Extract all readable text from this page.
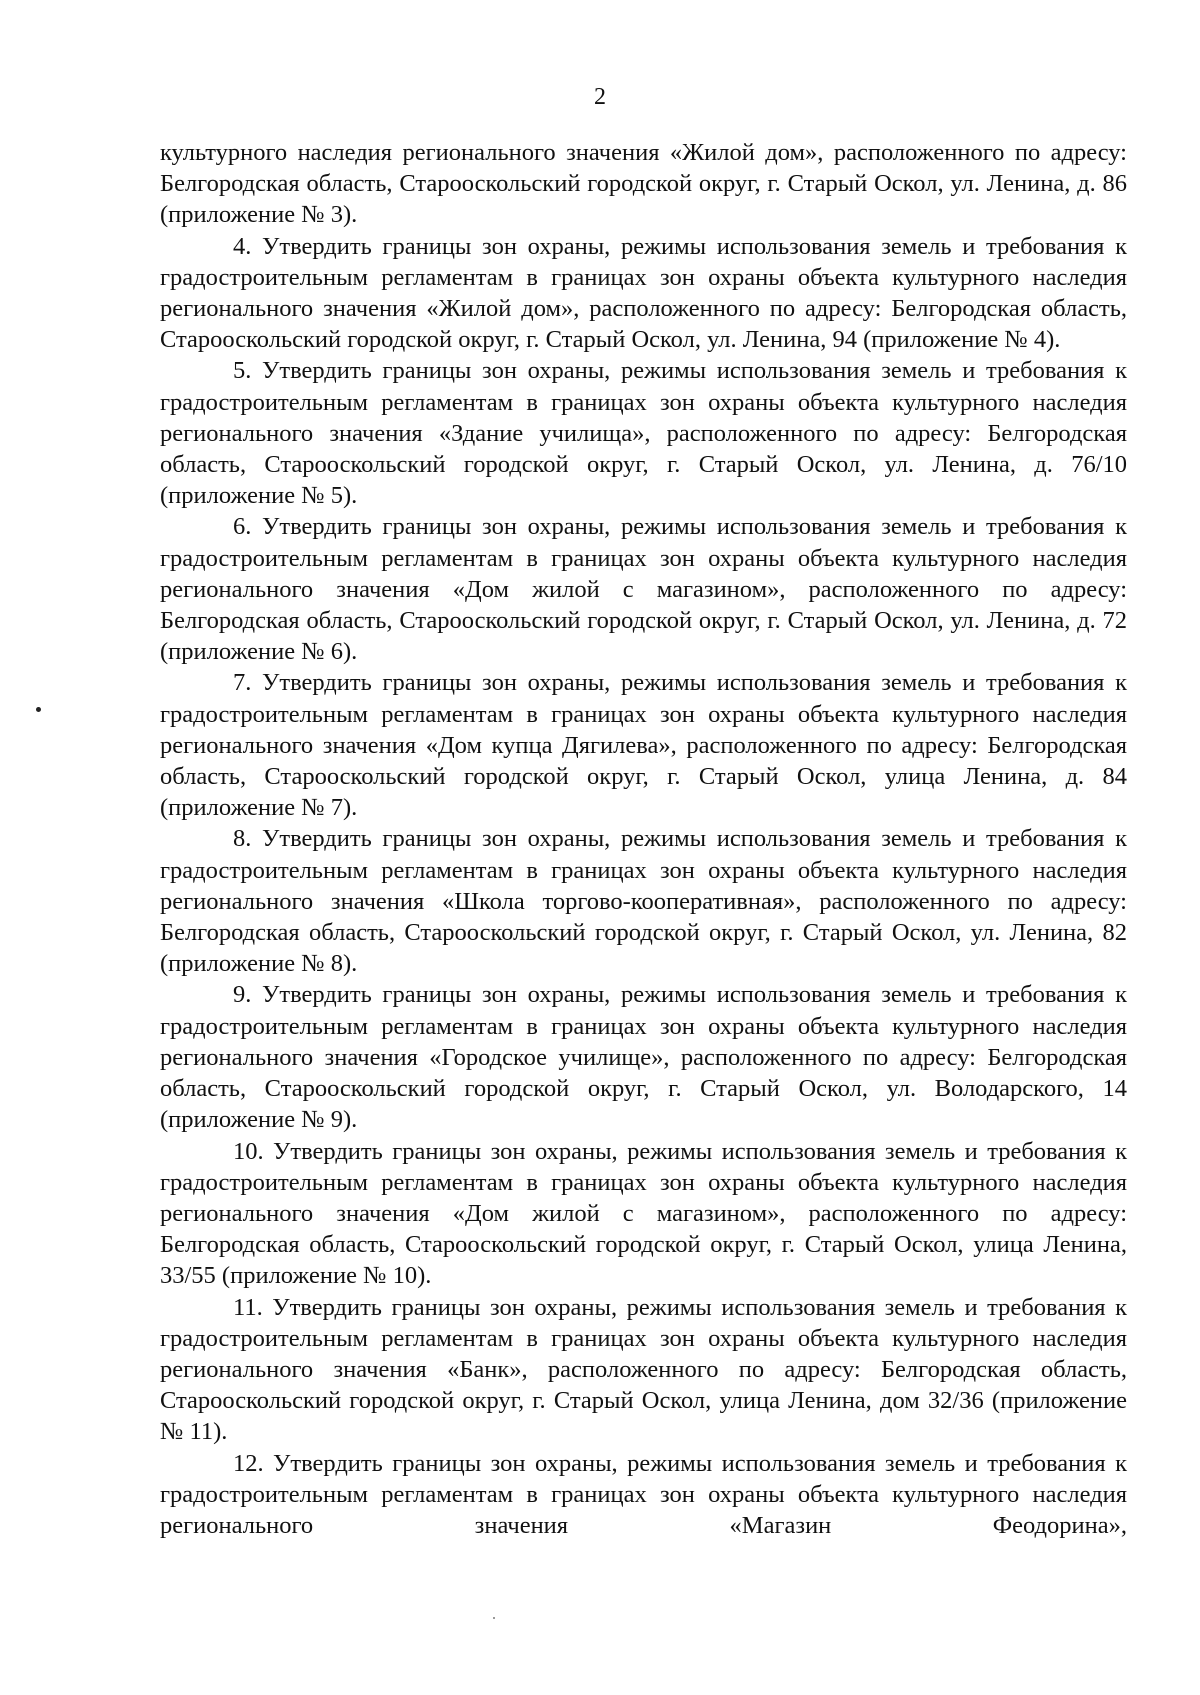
2

культурного наследия регионального значения «Жилой дом», расположенного по адресу: Белгородская область, Старооскольский городской округ, г. Старый Оскол, ул. Ленина, д. 86 (приложение № 3).

4. Утвердить границы зон охраны, режимы использования земель и требования к градостроительным регламентам в границах зон охраны объекта культурного наследия регионального значения «Жилой дом», расположенного по адресу: Белгородская область, Старооскольский городской округ, г. Старый Оскол, ул. Ленина, 94 (приложение № 4).

5. Утвердить границы зон охраны, режимы использования земель и требования к градостроительным регламентам в границах зон охраны объекта культурного наследия регионального значения «Здание училища», расположенного по адресу: Белгородская область, Старооскольский городской округ, г. Старый Оскол, ул. Ленина, д. 76/10 (приложение № 5).

6. Утвердить границы зон охраны, режимы использования земель и требования к градостроительным регламентам в границах зон охраны объекта культурного наследия регионального значения «Дом жилой с магазином», расположенного по адресу: Белгородская область, Старооскольский городской округ, г. Старый Оскол, ул. Ленина, д. 72 (приложение № 6).

7. Утвердить границы зон охраны, режимы использования земель и требования к градостроительным регламентам в границах зон охраны объекта культурного наследия регионального значения «Дом купца Дягилева», расположенного по адресу: Белгородская область, Старооскольский городской округ, г. Старый Оскол, улица Ленина, д. 84 (приложение № 7).

8. Утвердить границы зон охраны, режимы использования земель и требования к градостроительным регламентам в границах зон охраны объекта культурного наследия регионального значения «Школа торгово-кооперативная», расположенного по адресу: Белгородская область, Старооскольский городской округ, г. Старый Оскол, ул. Ленина, 82 (приложение № 8).

9. Утвердить границы зон охраны, режимы использования земель и требования к градостроительным регламентам в границах зон охраны объекта культурного наследия регионального значения «Городское училище», расположенного по адресу: Белгородская область, Старооскольский городской округ, г. Старый Оскол, ул. Володарского, 14 (приложение № 9).

10. Утвердить границы зон охраны, режимы использования земель и требования к градостроительным регламентам в границах зон охраны объекта культурного наследия регионального значения «Дом жилой с магазином», расположенного по адресу: Белгородская область, Старооскольский городской округ, г. Старый Оскол, улица Ленина, 33/55 (приложение № 10).

11. Утвердить границы зон охраны, режимы использования земель и требования к градостроительным регламентам в границах зон охраны объекта культурного наследия регионального значения «Банк», расположенного по адресу: Белгородская область, Старооскольский городской округ, г. Старый Оскол, улица Ленина, дом 32/36 (приложение № 11).

12. Утвердить границы зон охраны, режимы использования земель и требования к градостроительным регламентам в границах зон охраны объекта культурного наследия регионального значения «Магазин Феодорина»,
